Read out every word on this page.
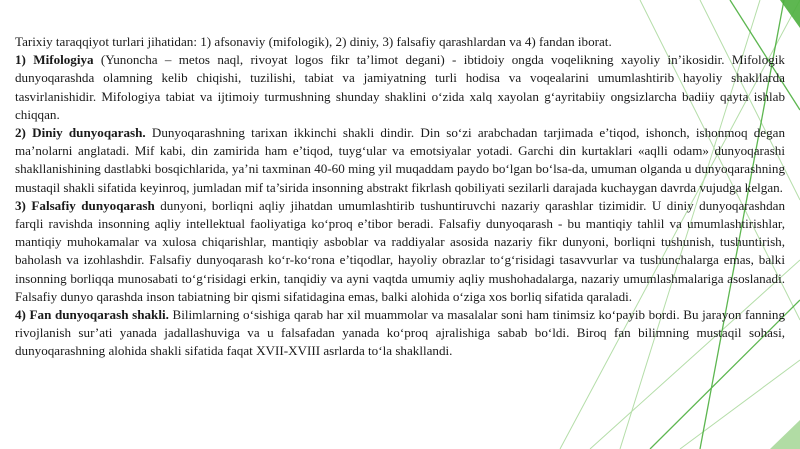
Tarixiy taraqqiyot turlari jihatidan: 1) afsonaviy (mifologik), 2) diniy, 3) falsafiy qarashlardan va 4) fandan iborat.

1) Mifologiya (Yunoncha – metos naql, rivoyat logos fikr ta’limot degani) - ibtidoiy ongda voqelikning xayoliy in’ikosidir. Mifologik dunyoqarashda olamning kelib chiqishi, tuzilishi, tabiat va jamiyatning turli hodisa va voqealarini umumlashtirib hayoliy shakllarda tasvirlanishidir. Mifologiya tabiat va ijtimoiy turmushning shunday shaklini o‘zida xalq xayolan g‘ayritabiiy ongsizlarcha badiiy qayta ishlab chiqqan.

2) Diniy dunyoqarash. Dunyoqarashning tarixan ikkinchi shakli dindir. Din so‘zi arabchadan tarjimada e’tiqod, ishonch, ishonmoq degan ma’nolarni anglatadi. Mif kabi, din zamirida ham e’tiqod, tuyg‘ular va emotsiyalar yotadi. Garchi din kurtaklari «aqlli odam» dunyoqarashi shakllanishining dastlabki bosqichlarida, ya’ni taxminan 40-60 ming yil muqaddam paydo bo‘lgan bo‘lsa-da, umuman olganda u dunyoqarashning mustaqil shakli sifatida keyinroq, jumladan mif ta’sirida insonning abstrakt fikrlash qobiliyati sezilarli darajada kuchaygan davrda vujudga kelgan.

3) Falsafiy dunyoqarash dunyoni, borliqni aqliy jihatdan umumlashtirib tushuntiruvchi nazariy qarashlar tizimidir. U diniy dunyoqarashdan farqli ravishda insonning aqliy intellektual faoliyatiga ko‘proq e’tibor beradi. Falsafiy dunyoqarash - bu mantiqiy tahlil va umumlashtirishlar, mantiqiy muhokamalar va xulosa chiqarishlar, mantiqiy asboblar va raddiyalar asosida nazariy fikr dunyoni, borliqni tushunish, tushuntirish, baholash va izohlashdir. Falsafiy dunyoqarash ko‘r-ko‘rona e’tiqodlar, hayoliy obrazlar to‘g‘risidagi tasavvurlar va tushunchalarga emas, balki insonning borliqqa munosabati to‘g‘risidagi erkin, tanqidiy va ayni vaqtda umumiy aqliy mushohadalarga, nazariy umumlashmalariga asoslanadi. Falsafiy dunyo qarashda inson tabiatning bir qismi sifatidagina emas, balki alohida o‘ziga xos borliq sifatida qaraladi.

4) Fan dunyoqarash shakli. Bilimlarning o‘sishiga qarab har xil muammolar va masalalar soni ham tinimsiz ko‘payib bordi. Bu jarayon fanning rivojlanish sur’ati yanada jadallashuviga va u falsafadan yanada ko‘proq ajralishiga sabab bo‘ldi. Biroq fan bilimning mustaqil sohasi, dunyoqarashning alohida shakli sifatida faqat XVII-XVIII asrlarda to‘la shakllandi.
